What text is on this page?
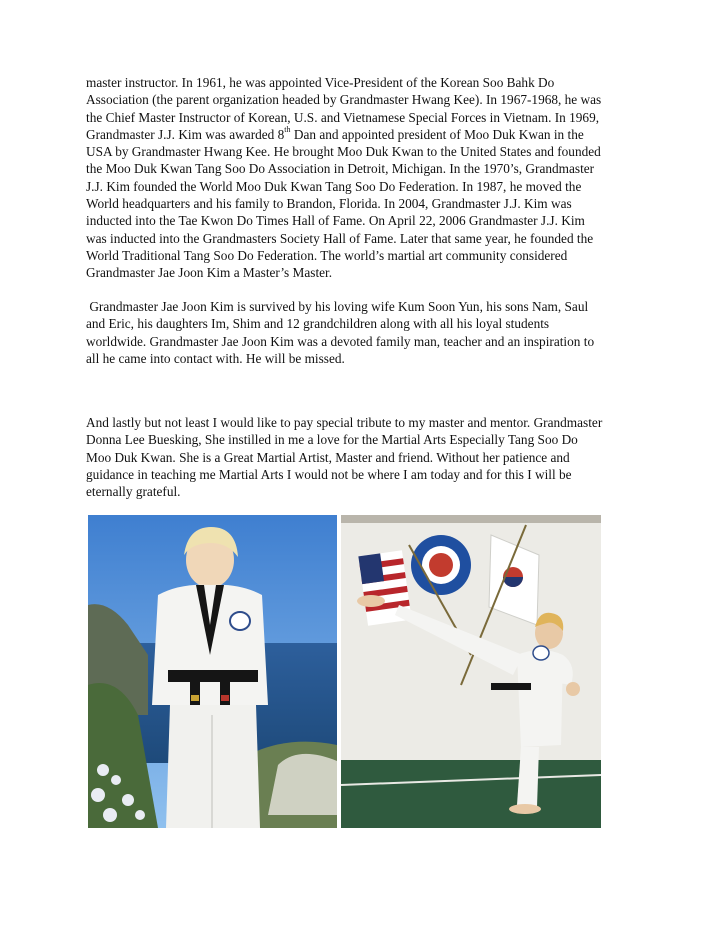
master instructor. In 1961, he was appointed Vice-President of the Korean Soo Bahk Do
Association (the parent organization headed by Grandmaster Hwang Kee). In 1967-1968, he was
the Chief Master Instructor of Korean, U.S. and Vietnamese Special Forces in Vietnam. In 1969,
Grandmaster J.J. Kim was awarded 8th Dan and appointed president of Moo Duk Kwan in the
USA by Grandmaster Hwang Kee. He brought Moo Duk Kwan to the United States and founded
the Moo Duk Kwan Tang Soo Do Association in Detroit, Michigan. In the 1970’s, Grandmaster
J.J. Kim founded the World Moo Duk Kwan Tang Soo Do Federation. In 1987, he moved the
World headquarters and his family to Brandon, Florida. In 2004, Grandmaster J.J. Kim was
inducted into the Tae Kwon Do Times Hall of Fame. On April 22, 2006 Grandmaster J.J. Kim
was inducted into the Grandmasters Society Hall of Fame. Later that same year, he founded the
World Traditional Tang Soo Do Federation. The world’s martial art community considered
Grandmaster Jae Joon Kim a Master’s Master.

Grandmaster Jae Joon Kim is survived by his loving wife Kum Soon Yun, his sons Nam, Saul
and Eric, his daughters Im, Shim and 12 grandchildren along with all his loyal students
worldwide. Grandmaster Jae Joon Kim was a devoted family man, teacher and an inspiration to
all he came into contact with. He will be missed.

And lastly but not least I would like to pay special tribute to my master and mentor. Grandmaster
Donna Lee Buesking, She instilled in me a love for the Martial Arts Especially Tang Soo Do
Moo Duk Kwan. She is a Great Martial Artist, Master and friend. Without her patience and
guidance in teaching me Martial Arts I would not be where I am today and for this I will be
eternally grateful.
